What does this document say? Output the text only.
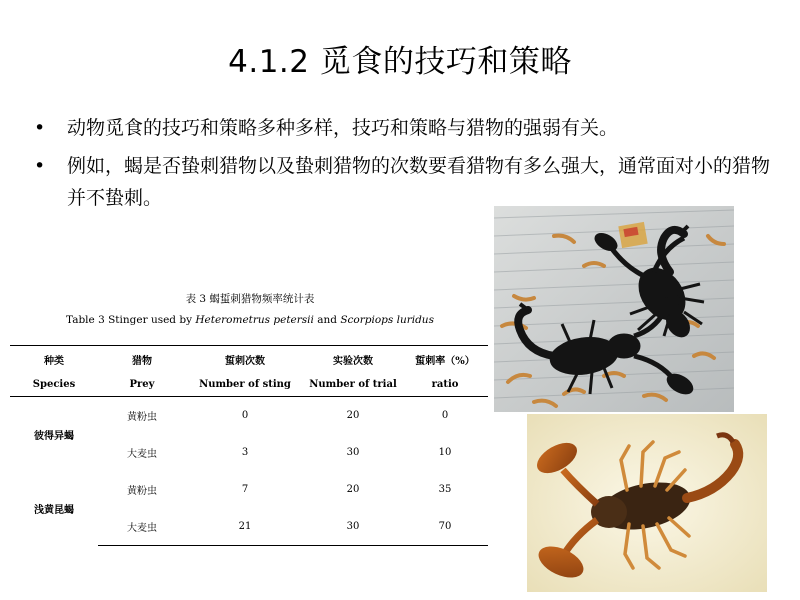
4.1.2 觅食的技巧和策略
• 动物觅食的技巧和策略多种多样，技巧和策略与猎物的强弱有关。
• 例如，蝎是否蛰刺猎物以及蛰刺猎物的次数要看猎物有多么强大，通常面对小的猎物并不蛰刺。
表 3 蝎蜇刺猎物频率统计表
Table 3 Stinger used by Heterometrus petersii and Scorpiops luridus
种类	猎物	蜇刺次数	实验次数	蜇刺率（%）
Species	Prey	Number of sting	Number of trial	ratio
彼得异蝎	黄粉虫	0	20	0
	大麦虫	3	30	10
浅黄昆蝎	黄粉虫	7	20	35
	大麦虫	21	30	70
